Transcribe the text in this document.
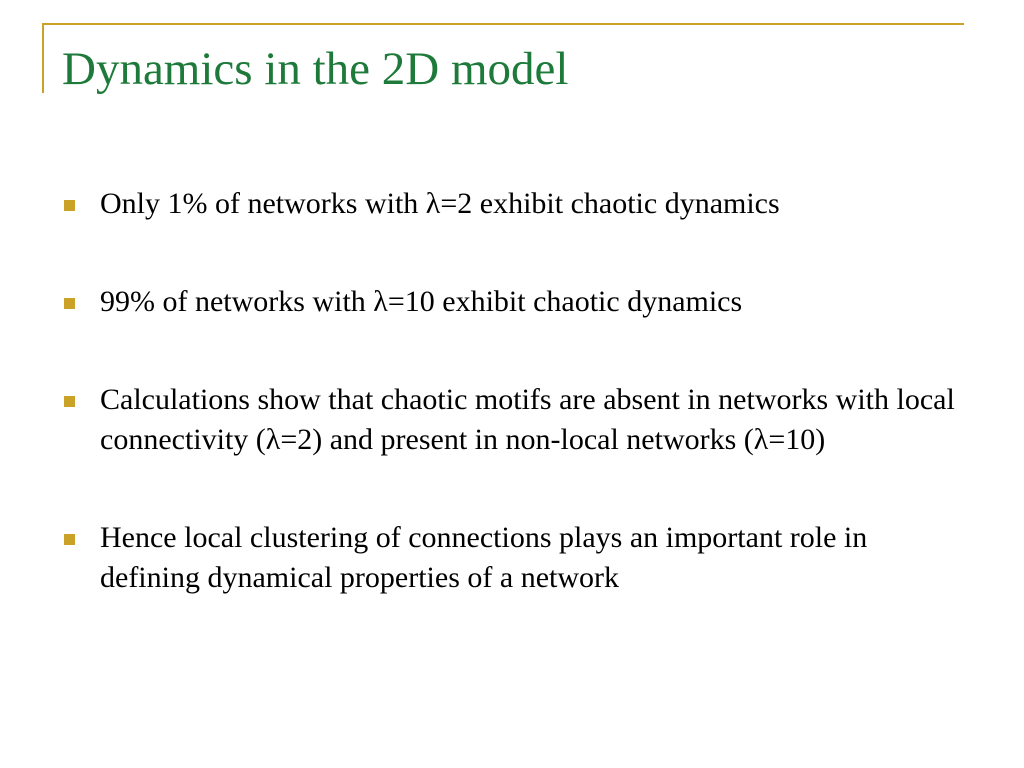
Dynamics in the 2D model
Only 1% of networks with λ=2 exhibit chaotic dynamics
99% of networks with λ=10 exhibit chaotic dynamics
Calculations show that chaotic motifs are absent in networks with local connectivity (λ=2) and present in non-local networks (λ=10)
Hence local clustering of connections plays an important role in defining dynamical properties of a network
